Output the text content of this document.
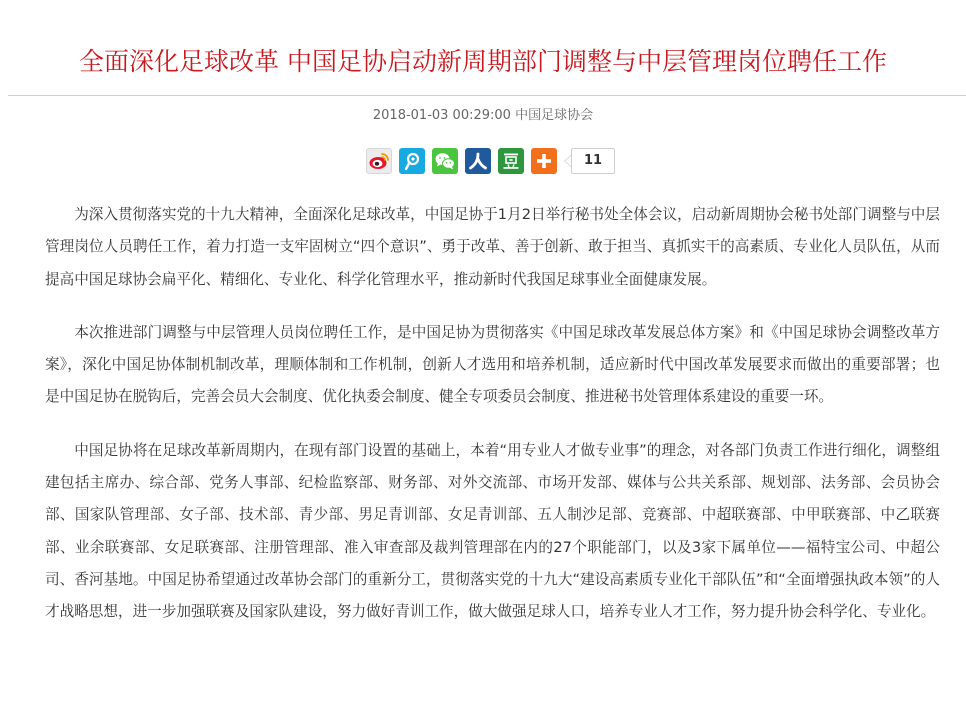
全面深化足球改革 中国足协启动新周期部门调整与中层管理岗位聘任工作
2018-01-03 00:29:00 中国足球协会
11

为深入贯彻落实党的十九大精神，全面深化足球改革，中国足协于1月2日举行秘书处全体会议，启动新周期协会秘书处部门调整与中层管理岗位人员聘任工作，着力打造一支牢固树立“四个意识”、勇于改革、善于创新、敢于担当、真抓实干的高素质、专业化人员队伍，从而提高中国足球协会扁平化、精细化、专业化、科学化管理水平，推动新时代我国足球事业全面健康发展。

本次推进部门调整与中层管理人员岗位聘任工作，是中国足协为贯彻落实《中国足球改革发展总体方案》和《中国足球协会调整改革方案》，深化中国足协体制机制改革，理顺体制和工作机制，创新人才选用和培养机制，适应新时代中国改革发展要求而做出的重要部署；也是中国足协在脱钩后，完善会员大会制度、优化执委会制度、健全专项委员会制度、推进秘书处管理体系建设的重要一环。

中国足协将在足球改革新周期内，在现有部门设置的基础上，本着“用专业人才做专业事”的理念，对各部门负责工作进行细化，调整组建包括主席办、综合部、党务人事部、纪检监察部、财务部、对外交流部、市场开发部、媒体与公共关系部、规划部、法务部、会员协会部、国家队管理部、女子部、技术部、青少部、男足青训部、女足青训部、五人制沙足部、竞赛部、中超联赛部、中甲联赛部、中乙联赛部、业余联赛部、女足联赛部、注册管理部、准入审查部及裁判管理部在内的27个职能部门，以及3家下属单位——福特宝公司、中超公司、香河基地。中国足协希望通过改革协会部门的重新分工，贯彻落实党的十九大“建设高素质专业化干部队伍”和“全面增强执政本领”的人才战略思想，进一步加强联赛及国家队建设，努力做好青训工作，做大做强足球人口，培养专业人才工作，努力提升协会科学化、专业化。
